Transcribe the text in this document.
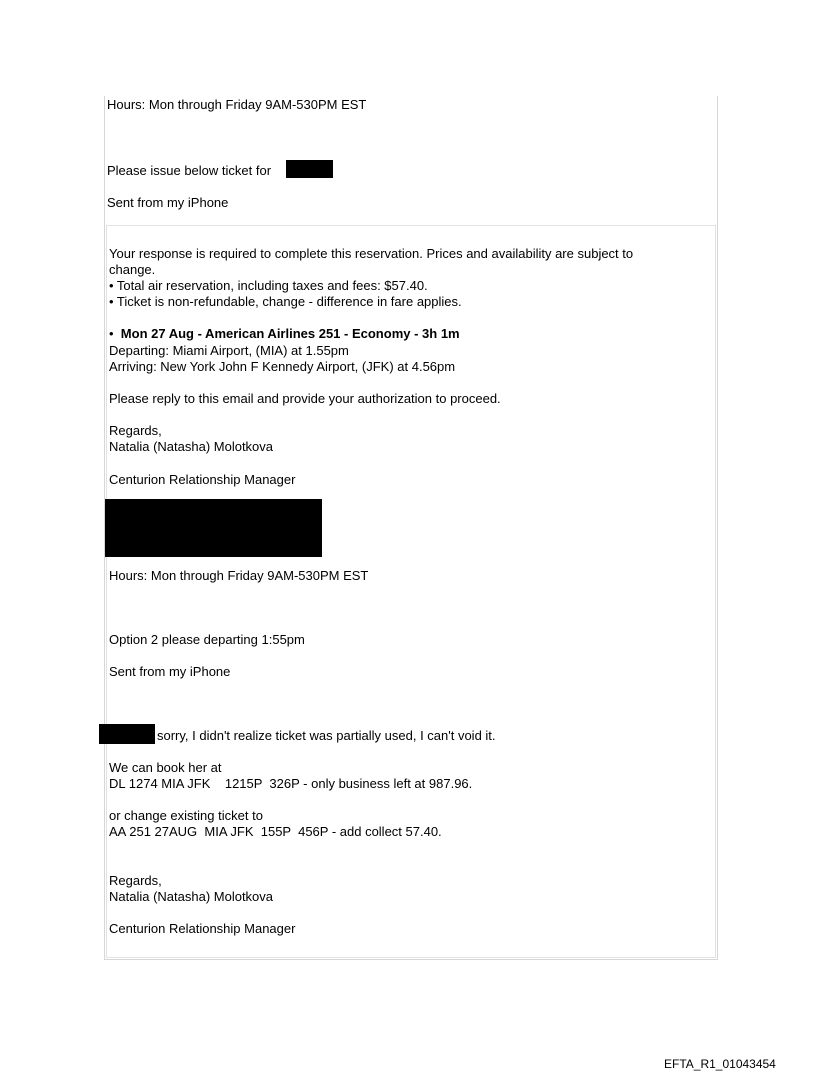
Hours: Mon through Friday 9AM-530PM EST
Please issue below ticket for
Sent from my iPhone
Your response is required to complete this reservation. Prices and availability are subject to
change.
• Total air reservation, including taxes and fees: $57.40.
• Ticket is non-refundable, change - difference in fare applies.
• Mon 27 Aug - American Airlines 251 - Economy - 3h 1m
Departing: Miami Airport, (MIA) at 1.55pm
Arriving: New York John F Kennedy Airport, (JFK) at 4.56pm
Please reply to this email and provide your authorization to proceed.
Regards,
Natalia (Natasha) Molotkova
Centurion Relationship Manager
Hours: Mon through Friday 9AM-530PM EST
Option 2 please departing 1:55pm
Sent from my iPhone
sorry, I didn't realize ticket was partially used, I can't void it.
We can book her at
DL 1274 MIA JFK    1215P  326P - only business left at 987.96.
or change existing ticket to
AA 251 27AUG  MIA JFK  155P  456P - add collect 57.40.
Regards,
Natalia (Natasha) Molotkova
Centurion Relationship Manager
EFTA_R1_01043454
